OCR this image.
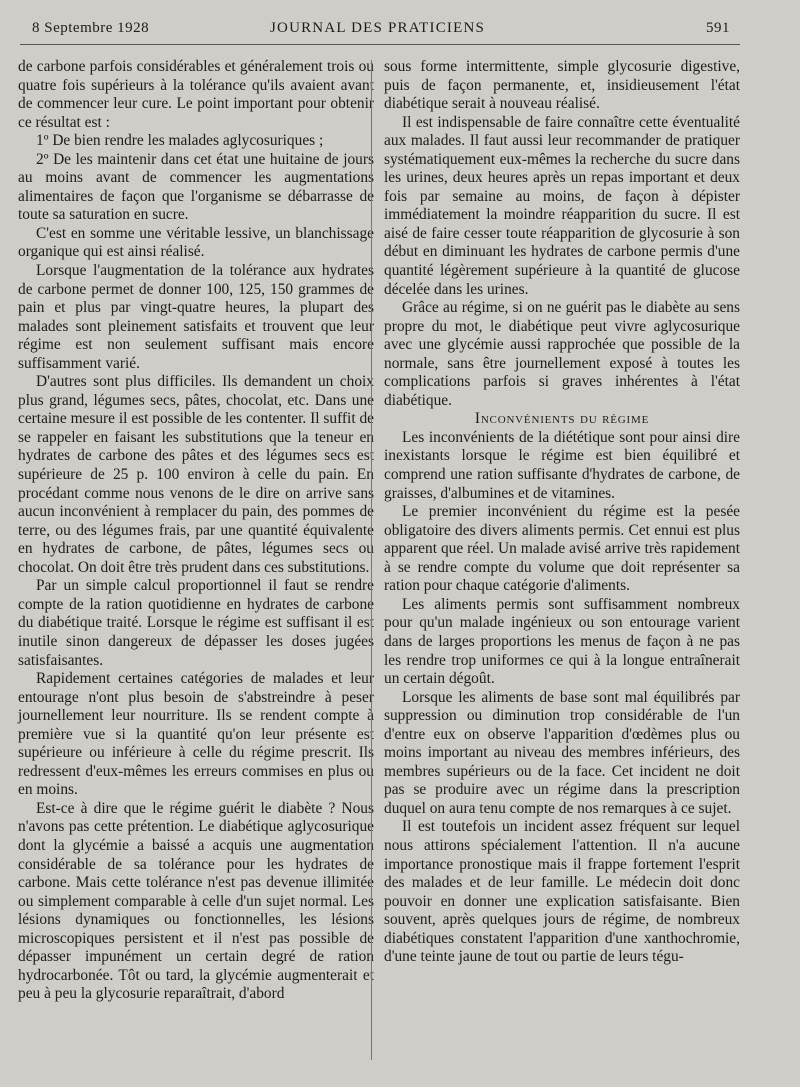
8 Septembre 1928	JOURNAL DES PRATICIENS	591

de carbone parfois considérables et généralement trois ou quatre fois supérieurs à la tolérance qu'ils avaient avant de commencer leur cure. Le point important pour obtenir ce résultat est :

1º De bien rendre les malades aglycosuriques ;

2º De les maintenir dans cet état une huitaine de jours au moins avant de commencer les augmentations alimentaires de façon que l'organisme se débarrasse de toute sa saturation en sucre.

C'est en somme une véritable lessive, un blanchissage organique qui est ainsi réalisé.

Lorsque l'augmentation de la tolérance aux hydrates de carbone permet de donner 100, 125, 150 grammes de pain et plus par vingt-quatre heures, la plupart des malades sont pleinement satisfaits et trouvent que leur régime est non seulement suffisant mais encore suffisamment varié.

D'autres sont plus difficiles. Ils demandent un choix plus grand, légumes secs, pâtes, chocolat, etc. Dans une certaine mesure il est possible de les contenter. Il suffit de se rappeler en faisant les substitutions que la teneur en hydrates de carbone des pâtes et des légumes secs est supérieure de 25 p. 100 environ à celle du pain. En procédant comme nous venons de le dire on arrive sans aucun inconvénient à remplacer du pain, des pommes de terre, ou des légumes frais, par une quantité équivalente en hydrates de carbone, de pâtes, légumes secs ou chocolat. On doit être très prudent dans ces substitutions.

Par un simple calcul proportionnel il faut se rendre compte de la ration quotidienne en hydrates de carbone du diabétique traité. Lorsque le régime est suffisant il est inutile sinon dangereux de dépasser les doses jugées satisfaisantes.

Rapidement certaines catégories de malades et leur entourage n'ont plus besoin de s'abstreindre à peser journellement leur nourriture. Ils se rendent compte à première vue si la quantité qu'on leur présente est supérieure ou inférieure à celle du régime prescrit. Ils redressent d'eux-mêmes les erreurs commises en plus ou en moins.

Est-ce à dire que le régime guérit le diabète ? Nous n'avons pas cette prétention. Le diabétique aglycosurique dont la glycémie a baissé a acquis une augmentation considérable de sa tolérance pour les hydrates de carbone. Mais cette tolérance n'est pas devenue illimitée ou simplement comparable à celle d'un sujet normal. Les lésions dynamiques ou fonctionnelles, les lésions microscopiques persistent et il n'est pas possible de dépasser impunément un certain degré de ration hydrocarbonée. Tôt ou tard, la glycémie augmenterait et peu à peu la glycosurie reparaîtrait, d'abord

sous forme intermittente, simple glycosurie digestive, puis de façon permanente, et, insidieusement l'état diabétique serait à nouveau réalisé.

Il est indispensable de faire connaître cette éventualité aux malades. Il faut aussi leur recommander de pratiquer systématiquement eux-mêmes la recherche du sucre dans les urines, deux heures après un repas important et deux fois par semaine au moins, de façon à dépister immédiatement la moindre réapparition du sucre. Il est aisé de faire cesser toute réapparition de glycosurie à son début en diminuant les hydrates de carbone permis d'une quantité légèrement supérieure à la quantité de glucose décelée dans les urines.

Grâce au régime, si on ne guérit pas le diabète au sens propre du mot, le diabétique peut vivre aglycosurique avec une glycémie aussi rapprochée que possible de la normale, sans être journellement exposé à toutes les complications parfois si graves inhérentes à l'état diabétique.

Inconvénients du régime

Les inconvénients de la diététique sont pour ainsi dire inexistants lorsque le régime est bien équilibré et comprend une ration suffisante d'hydrates de carbone, de graisses, d'albumines et de vitamines.

Le premier inconvénient du régime est la pesée obligatoire des divers aliments permis. Cet ennui est plus apparent que réel. Un malade avisé arrive très rapidement à se rendre compte du volume que doit représenter sa ration pour chaque catégorie d'aliments.

Les aliments permis sont suffisamment nombreux pour qu'un malade ingénieux ou son entourage varient dans de larges proportions les menus de façon à ne pas les rendre trop uniformes ce qui à la longue entraînerait un certain dégoût.

Lorsque les aliments de base sont mal équilibrés par suppression ou diminution trop considérable de l'un d'entre eux on observe l'apparition d'œdèmes plus ou moins important au niveau des membres inférieurs, des membres supérieurs ou de la face. Cet incident ne doit pas se produire avec un régime dans la prescription duquel on aura tenu compte de nos remarques à ce sujet.

Il est toutefois un incident assez fréquent sur lequel nous attirons spécialement l'attention. Il n'a aucune importance pronostique mais il frappe fortement l'esprit des malades et de leur famille. Le médecin doit donc pouvoir en donner une explication satisfaisante. Bien souvent, après quelques jours de régime, de nombreux diabétiques constatent l'apparition d'une xanthochromie, d'une teinte jaune de tout ou partie de leurs tégu-
